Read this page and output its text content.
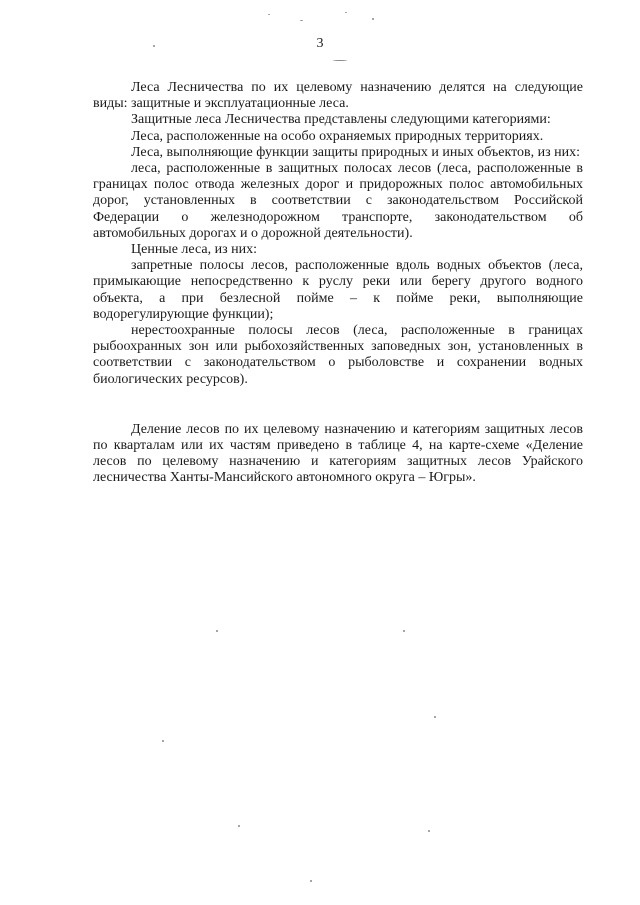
3

Леса Лесничества по их целевому назначению делятся на следующие виды: защитные и эксплуатационные леса.

Защитные леса Лесничества представлены следующими категориями:

Леса, расположенные на особо охраняемых природных территориях.

Леса, выполняющие функции защиты природных и иных объектов, из них:

леса, расположенные в защитных полосах лесов (леса, расположенные в границах полос отвода железных дорог и придорожных полос автомобильных дорог, установленных в соответствии с законодательством Российской Федерации о железнодорожном транспорте, законодательством об автомобильных дорогах и о дорожной деятельности).

Ценные леса, из них:

запретные полосы лесов, расположенные вдоль водных объектов (леса, примыкающие непосредственно к руслу реки или берегу другого водного объекта, а при безлесной пойме – к пойме реки, выполняющие водорегулирующие функции);

нерестоохранные полосы лесов (леса, расположенные в границах рыбоохранных зон или рыбохозяйственных заповедных зон, установленных в соответствии с законодательством о рыболовстве и сохранении водных биологических ресурсов).

Деление лесов по их целевому назначению и категориям защитных лесов по кварталам или их частям приведено в таблице 4, на карте-схеме «Деление лесов по целевому назначению и категориям защитных лесов Урайского лесничества Ханты-Мансийского автономного округа – Югры».
